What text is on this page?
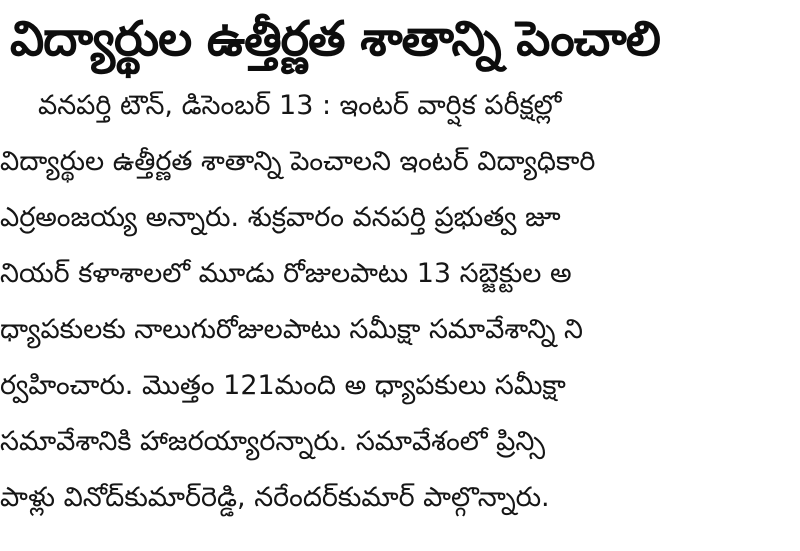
విద్యార్థుల ఉత్తీర్ణత శాతాన్ని పెంచాలి
వనపర్తి టౌన్, డిసెంబర్ 13 : ఇంటర్ వార్షిక పరీక్షల్లో
విద్యార్థుల ఉత్తీర్ణత శాతాన్ని పెంచాలని ఇంటర్ విద్యాధికారి
ఎర్రఅంజయ్య అన్నారు. శుక్రవారం వనపర్తి ప్రభుత్వ జూ
నియర్ కళాశాలలో మూడు రోజులపాటు 13 సబ్జెక్టుల అ
ధ్యాపకులకు నాలుగురోజులపాటు సమీక్షా సమావేశాన్ని ని
ర్వహించారు. మొత్తం 121మంది అ ధ్యాపకులు సమీక్షా
సమావేశానికి హాజరయ్యారన్నారు. సమావేశంలో ప్రిన్సి
పాళ్లు వినోద్‌కుమార్‌రెడ్డి, నరేందర్‌కుమార్ పాల్గొన్నారు.
